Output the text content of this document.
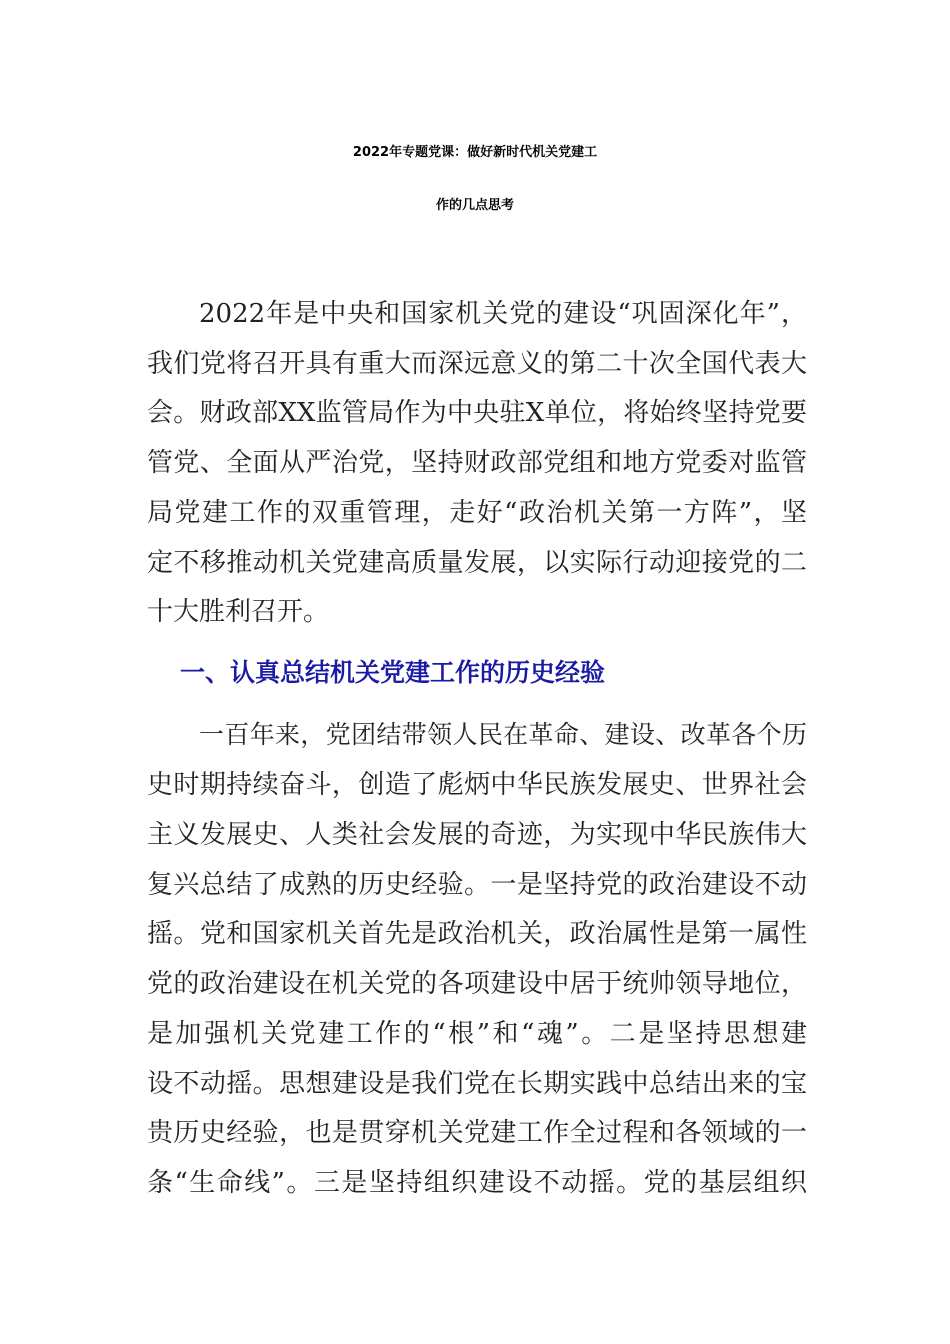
2022年专题党课：做好新时代机关党建工
作的几点思考
2022年是中央和国家机关党的建设“巩固深化年”，
我们党将召开具有重大而深远意义的第二十次全国代表大
会。财政部XX监管局作为中央驻X单位，将始终坚持党要
管党、全面从严治党，坚持财政部党组和地方党委对监管
局党建工作的双重管理，走好“政治机关第一方阵”，坚
定不移推动机关党建高质量发展，以实际行动迎接党的二
十大胜利召开。
一、认真总结机关党建工作的历史经验
一百年来，党团结带领人民在革命、建设、改革各个历
史时期持续奋斗，创造了彪炳中华民族发展史、世界社会
主义发展史、人类社会发展的奇迹，为实现中华民族伟大
复兴总结了成熟的历史经验。一是坚持党的政治建设不动
摇。党和国家机关首先是政治机关，政治属性是第一属性
党的政治建设在机关党的各项建设中居于统帅领导地位，
是加强机关党建工作的“根”和“魂”。二是坚持思想建
设不动摇。思想建设是我们党在长期实践中总结出来的宝
贵历史经验，也是贯穿机关党建工作全过程和各领域的一
条“生命线”。三是坚持组织建设不动摇。党的基层组织
